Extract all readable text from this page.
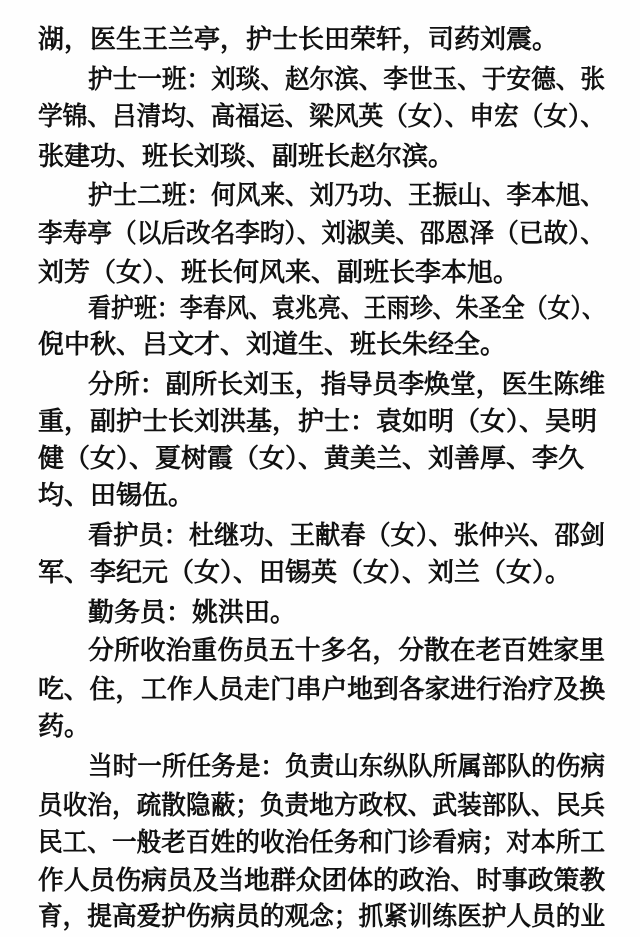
湖，医生王兰亭，护士长田荣轩，司药刘震。
护士一班：刘琰、赵尔滨、李世玉、于安德、张
学锦、吕清均、高福运、梁风英（女）、申宏（女）、
张建功、班长刘琰、副班长赵尔滨。
护士二班：何风来、刘乃功、王振山、李本旭、
李寿亭（以后改名李昀）、刘淑美、邵恩泽（已故）、
刘芳（女）、班长何风来、副班长李本旭。
看护班：李春风、袁兆亮、王雨珍、朱圣全（女）、
倪中秋、吕文才、刘道生、班长朱经全。
分所：副所长刘玉，指导员李焕堂，医生陈维
重，副护士长刘洪基，护士：袁如明（女）、吴明
健（女）、夏树霞（女）、黄美兰、刘善厚、李久
均、田锡伍。
看护员：杜继功、王献春（女）、张仲兴、邵剑
军、李纪元（女）、田锡英（女）、刘兰（女）。
勤务员：姚洪田。
分所收治重伤员五十多名，分散在老百姓家里
吃、住，工作人员走门串户地到各家进行治疗及换
药。
当时一所任务是：负责山东纵队所属部队的伤病
员收治，疏散隐蔽；负责地方政权、武装部队、民兵
民工、一般老百姓的收治任务和门诊看病；对本所工
作人员伤病员及当地群众团体的政治、时事政策教
育，提高爱护伤病员的观念；抓紧训练医护人员的业
